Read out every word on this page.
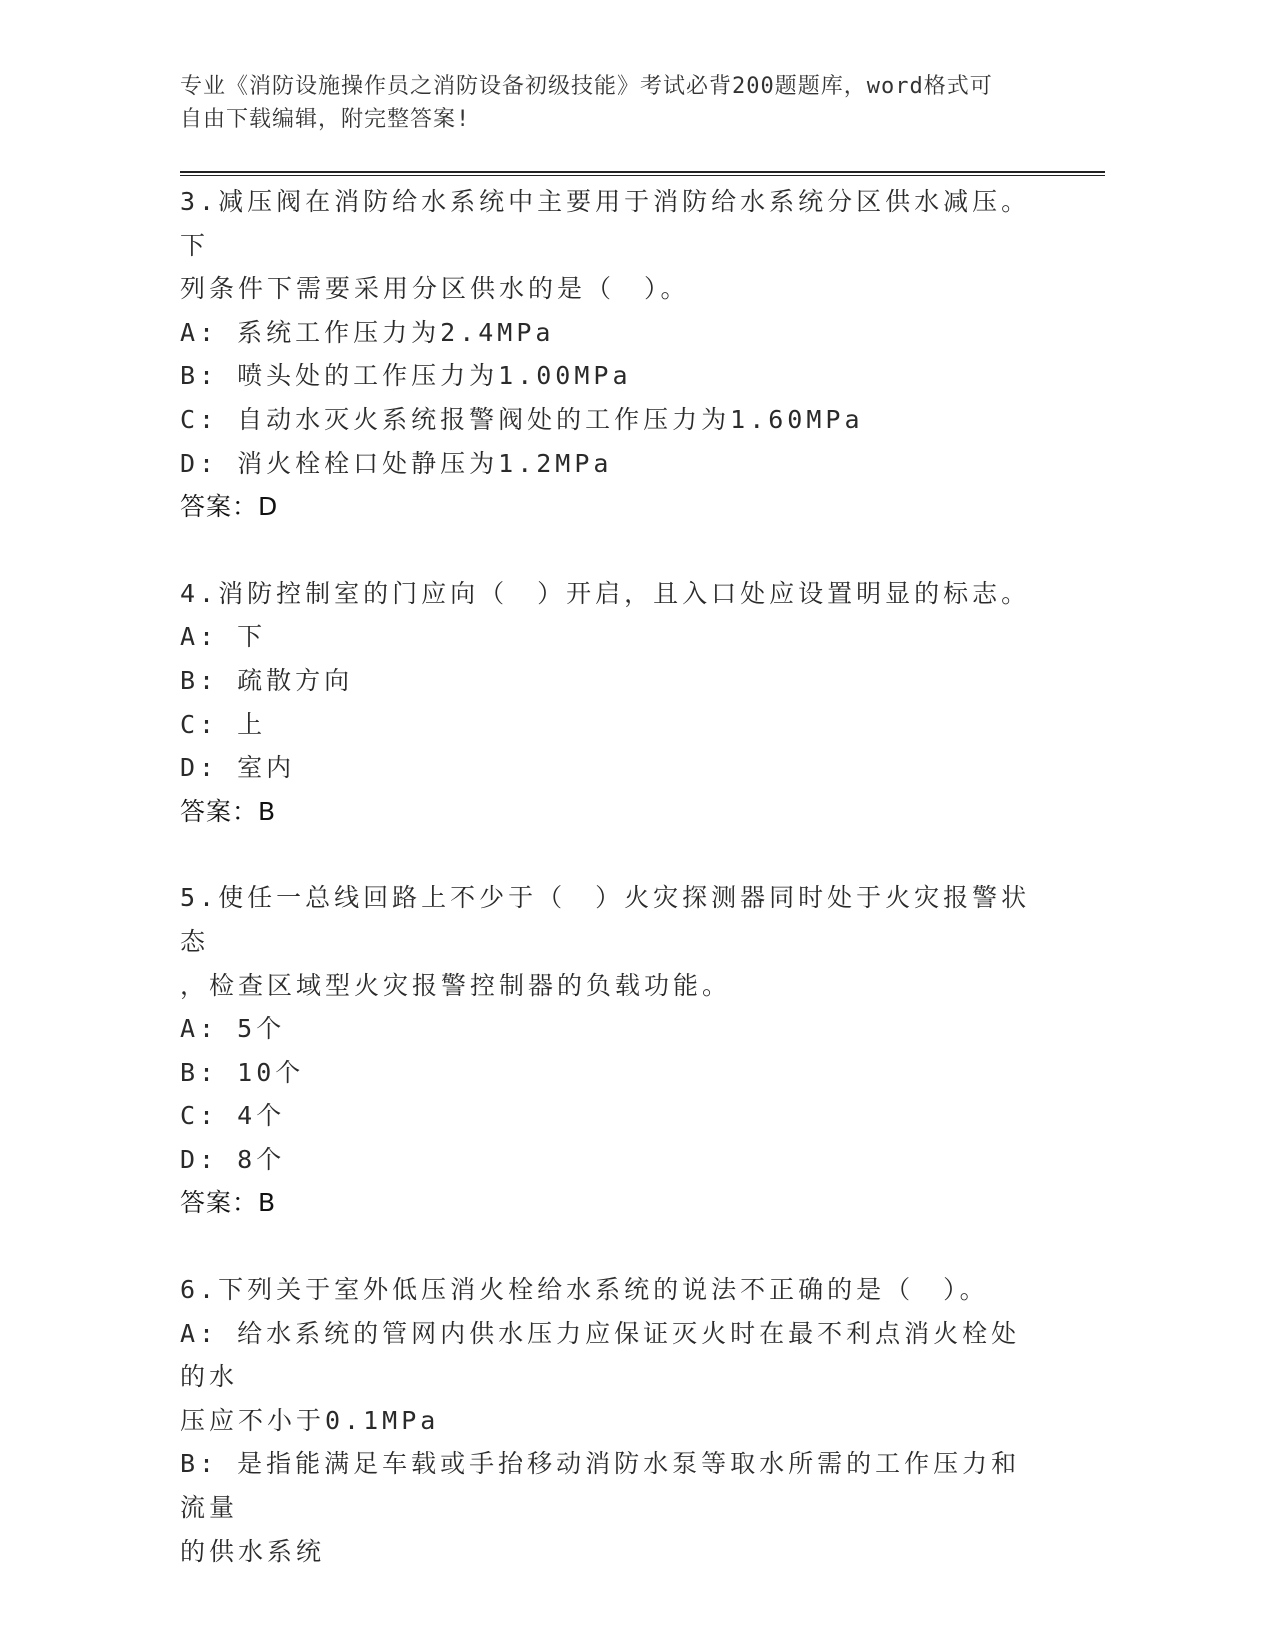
专业《消防设施操作员之消防设备初级技能》考试必背200题题库，word格式可
自由下载编辑，附完整答案!
3.减压阀在消防给水系统中主要用于消防给水系统分区供水减压。下
列条件下需要采用分区供水的是（　）。
A: 系统工作压力为2.4MPa
B: 喷头处的工作压力为1.00MPa
C: 自动水灭火系统报警阀处的工作压力为1.60MPa
D: 消火栓栓口处静压为1.2MPa
答案：D
4.消防控制室的门应向（　）开启，且入口处应设置明显的标志。
A: 下
B: 疏散方向
C: 上
D: 室内
答案：B
5.使任一总线回路上不少于（　）火灾探测器同时处于火灾报警状态
，检查区域型火灾报警控制器的负载功能。
A: 5个
B: 10个
C: 4个
D: 8个
答案：B
6.下列关于室外低压消火栓给水系统的说法不正确的是（　）。
A: 给水系统的管网内供水压力应保证灭火时在最不利点消火栓处的水
压应不小于0.1MPa
B: 是指能满足车载或手抬移动消防水泵等取水所需的工作压力和流量
的供水系统
